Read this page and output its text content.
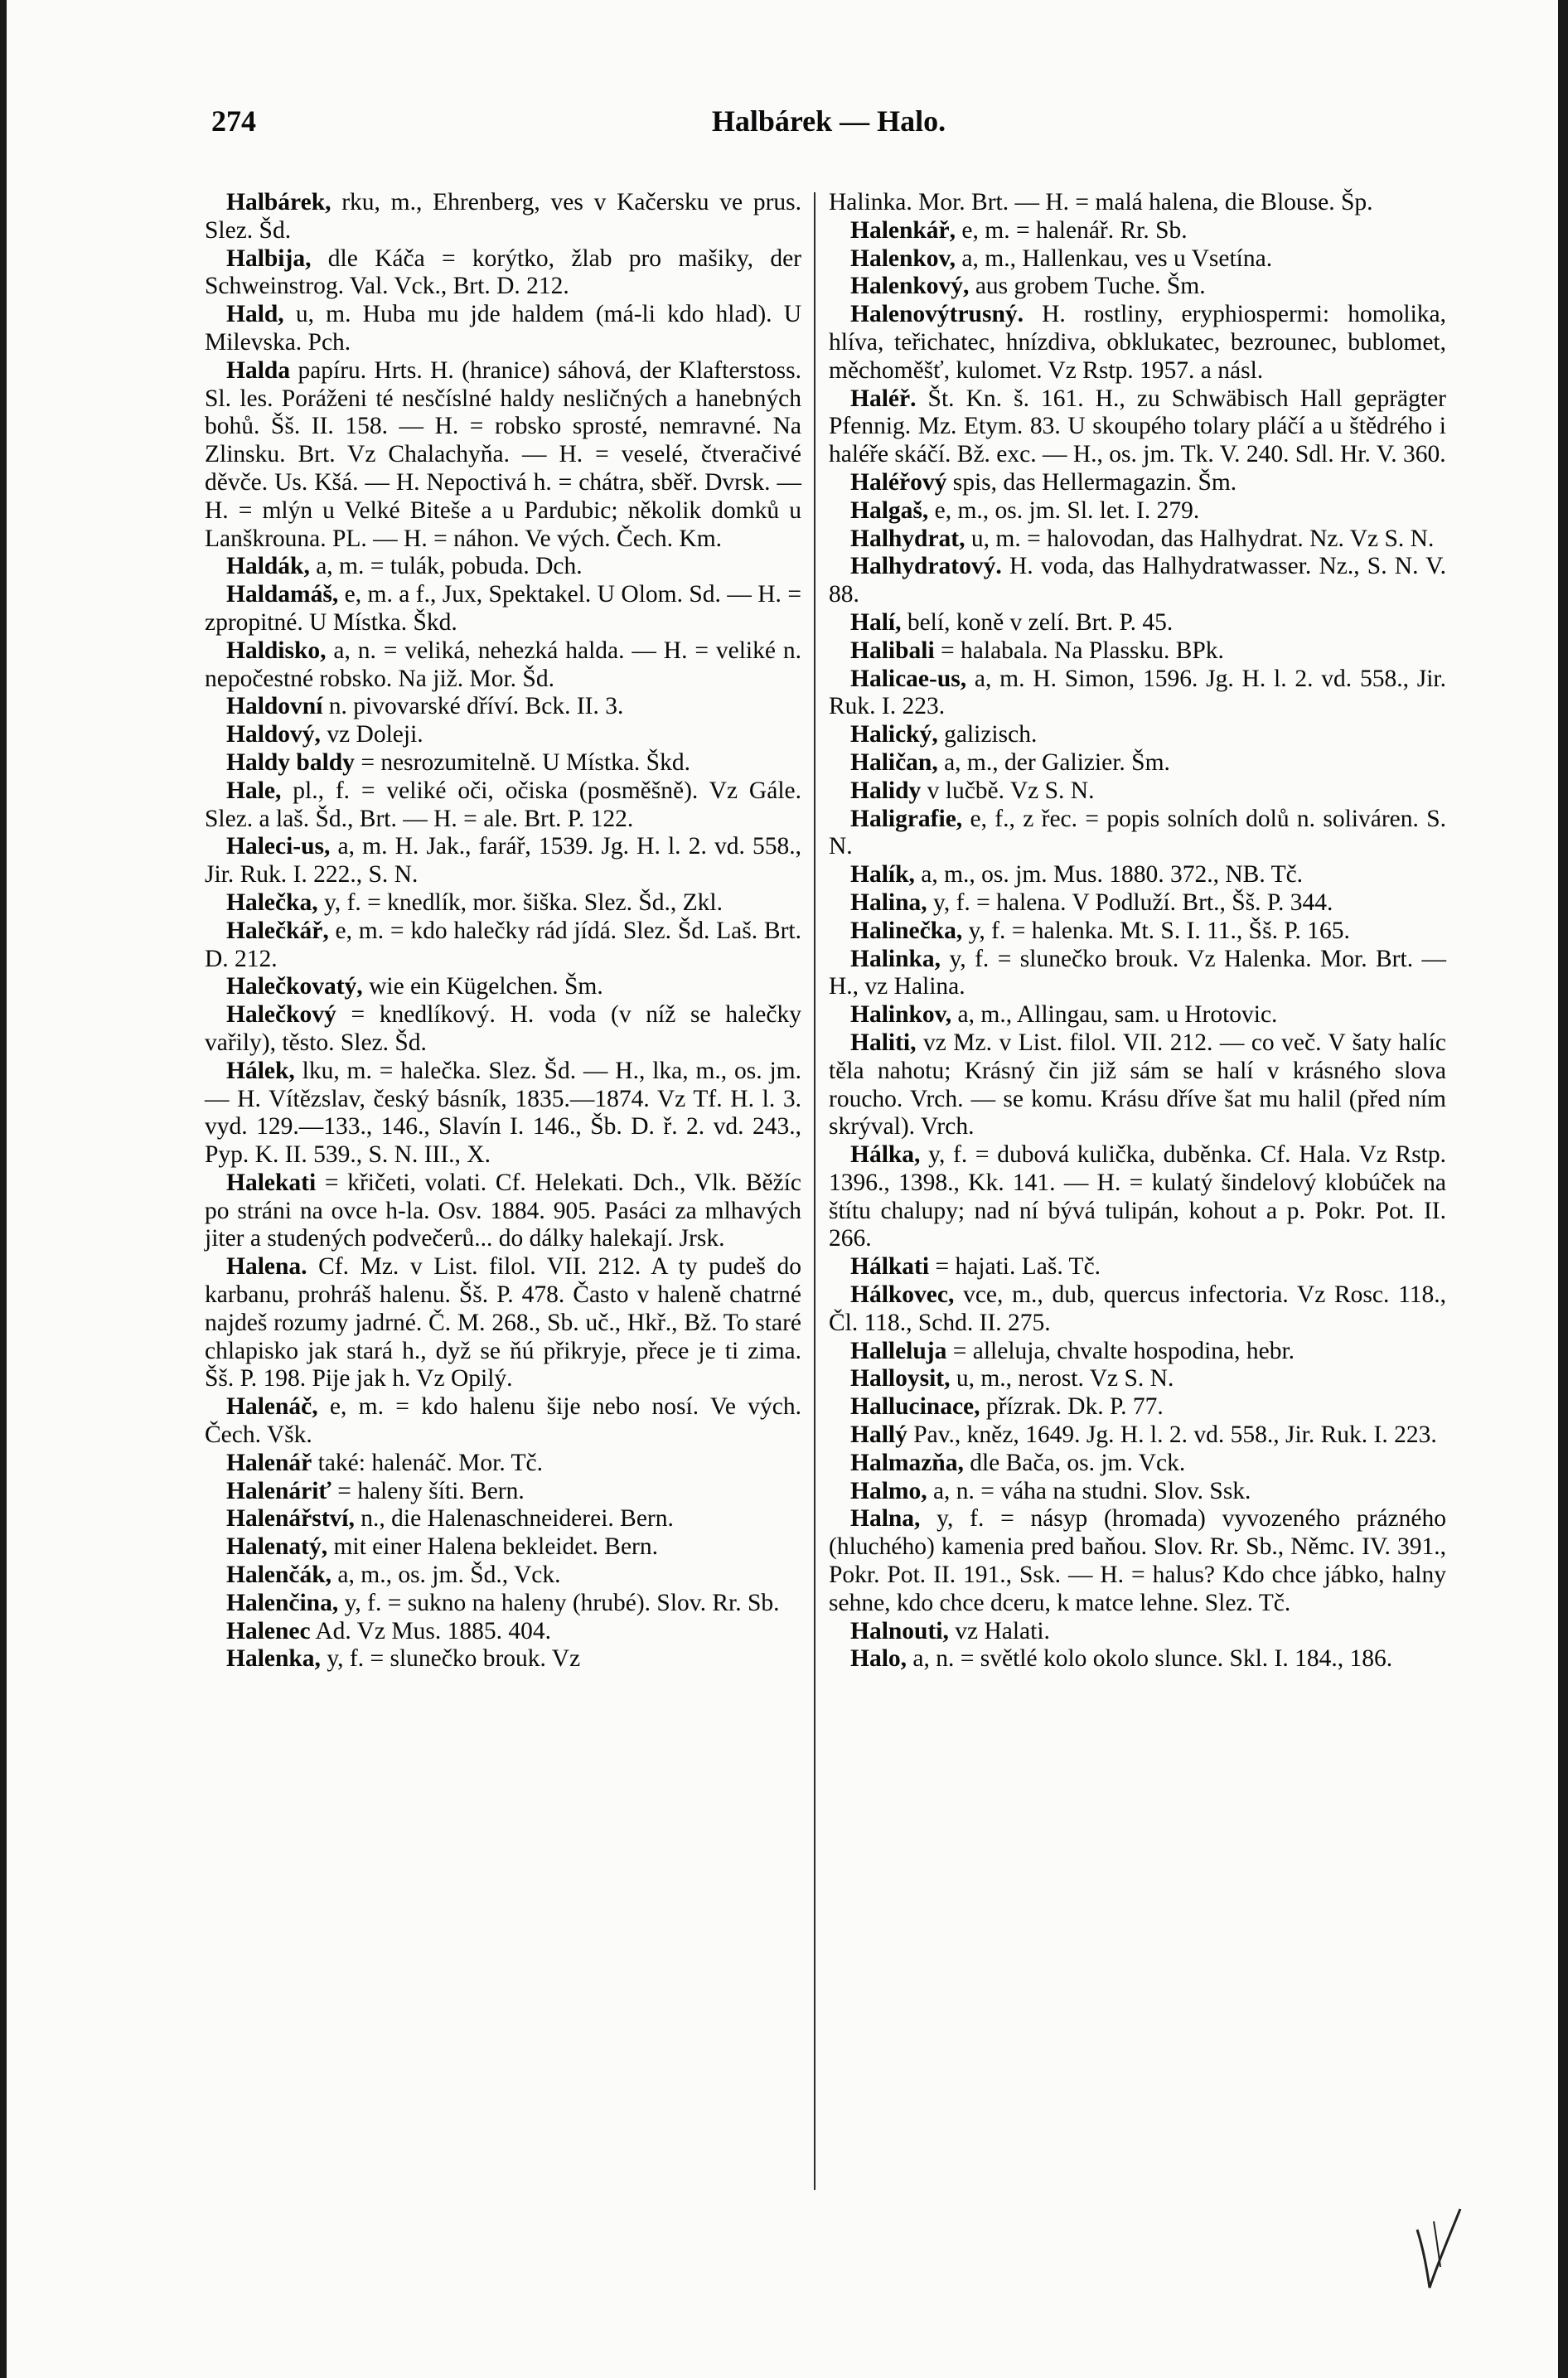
274	Halbárek — Halo.

Halbárek, rku, m., Ehrenberg, ves v Kačersku ve prus. Slez. Šd.

Halbija, dle Káča = korýtko, žlab pro mašiky, der Schweinstrog. Val. Vck., Brt. D. 212.

Hald, u, m. Huba mu jde haldem (má-li kdo hlad). U Milevska. Pch.

Halda papíru. Hrts. H. (hranice) sáhová, der Klafterstoss. Sl. les. Poráženi té nesčíslné haldy nesličných a hanebných bohů. Šš. II. 158. — H. = robsko sprosté, nemravné. Na Zlinsku. Brt. Vz Chalachyňa. — H. = veselé, čtveračivé děvče. Us. Kšá. — H. Nepoctivá h. = chátra, sběř. Dvrsk. — H. = mlýn u Velké Biteše a u Pardubic; několik domků u Lanškrouna. PL. — H. = náhon. Ve vých. Čech. Km.

Haldák, a, m. = tulák, pobuda. Dch.

Haldamáš, e, m. a f., Jux, Spektakel. U Olom. Sd. — H. = zpropitné. U Místka. Škd.

Haldisko, a, n. = veliká, nehezká halda. — H. = veliké n. nepočestné robsko. Na již. Mor. Šd.

Haldovní n. pivovarské dříví. Bck. II. 3.

Haldový, vz Doleji.

Haldy baldy = nesrozumitelně. U Místka. Škd.

Hale, pl., f. = veliké oči, očiska (posměšně). Vz Gále. Slez. a laš. Šd., Brt. — H. = ale. Brt. P. 122.

Haleci-us, a, m. H. Jak., farář, 1539. Jg. H. l. 2. vd. 558., Jir. Ruk. I. 222., S. N.

Halečka, y, f. = knedlík, mor. šiška. Slez. Šd., Zkl.

Halečkář, e, m. = kdo halečky rád jídá. Slez. Šd. Laš. Brt. D. 212.

Halečkovatý, wie ein Kügelchen. Šm.

Halečkový = knedlíkový. H. voda (v níž se halečky vařily), těsto. Slez. Šd.

Hálek, lku, m. = halečka. Slez. Šd. — H., lka, m., os. jm. — H. Vítězslav, český básník, 1835.—1874. Vz Tf. H. l. 3. vyd. 129.—133., 146., Slavín I. 146., Šb. D. ř. 2. vd. 243., Pyp. K. II. 539., S. N. III., X.

Halekati = křičeti, volati. Cf. Helekati. Dch., Vlk. Běžíc po stráni na ovce h-la. Osv. 1884. 905. Pasáci za mlhavých jiter a studených podvečerů... do dálky halekají. Jrsk.

Halena. Cf. Mz. v List. filol. VII. 212. A ty pudeš do karbanu, prohráš halenu. Šš. P. 478. Často v haleně chatrné najdeš rozumy jadrné. Č. M. 268., Sb. uč., Hkř., Bž. To staré chlapisko jak stará h., dyž se ňú přikryje, přece je ti zima. Šš. P. 198. Pije jak h. Vz Opilý.

Halenáč, e, m. = kdo halenu šije nebo nosí. Ve vých. Čech. Všk.

Halenář také: halenáč. Mor. Tč.

Halenáriť = haleny šíti. Bern.

Halenářství, n., die Halenaschneiderei. Bern.

Halenatý, mit einer Halena bekleidet. Bern.

Halenčák, a, m., os. jm. Šd., Vck.

Halenčina, y, f. = sukno na haleny (hrubé). Slov. Rr. Sb.

Halenec Ad. Vz Mus. 1885. 404.

Halenka, y, f. = slunečko brouk. Vz

Halinka. Mor. Brt. — H. = malá halena, die Blouse. Šp.

Halenkář, e, m. = halenář. Rr. Sb.

Halenkov, a, m., Hallenkau, ves u Vsetína.

Halenkový, aus grobem Tuche. Šm.

Halenovýtrusný. H. rostliny, eryphiospermi: homolika, hlíva, teřichatec, hnízdiva, obklukatec, bezrounec, bublomet, měchoměšť, kulomet. Vz Rstp. 1957. a násl.

Haléř. Št. Kn. š. 161. H., zu Schwäbisch Hall geprägter Pfennig. Mz. Etym. 83. U skoupého tolary pláčí a u štědrého i haléře skáčí. Bž. exc. — H., os. jm. Tk. V. 240. Sdl. Hr. V. 360.

Haléřový spis, das Hellermagazin. Šm.

Halgaš, e, m., os. jm. Sl. let. I. 279.

Halhydrat, u, m. = halovodan, das Halhydrat. Nz. Vz S. N.

Halhydratový. H. voda, das Halhydratwasser. Nz., S. N. V. 88.

Halí, belí, koně v zelí. Brt. P. 45.

Halibali = halabala. Na Plassku. BPk.

Halicae-us, a, m. H. Simon, 1596. Jg. H. l. 2. vd. 558., Jir. Ruk. I. 223.

Halický, galizisch.

Haličan, a, m., der Galizier. Šm.

Halidy v lučbě. Vz S. N.

Haligrafie, e, f., z řec. = popis solních dolů n. soliváren. S. N.

Halík, a, m., os. jm. Mus. 1880. 372., NB. Tč.

Halina, y, f. = halena. V Podluží. Brt., Šš. P. 344.

Halinečka, y, f. = halenka. Mt. S. I. 11., Šš. P. 165.

Halinka, y, f. = slunečko brouk. Vz Halenka. Mor. Brt. — H., vz Halina.

Halinkov, a, m., Allingau, sam. u Hrotovic.

Haliti, vz Mz. v List. filol. VII. 212. — co več. V šaty halíc těla nahotu; Krásný čin již sám se halí v krásného slova roucho. Vrch. — se komu. Krásu dříve šat mu halil (před ním skrýval). Vrch.

Hálka, y, f. = dubová kulička, duběnka. Cf. Hala. Vz Rstp. 1396., 1398., Kk. 141. — H. = kulatý šindelový klobúček na štítu chalupy; nad ní bývá tulipán, kohout a p. Pokr. Pot. II. 266.

Hálkati = hajati. Laš. Tč.

Hálkovec, vce, m., dub, quercus infectoria. Vz Rosc. 118., Čl. 118., Schd. II. 275.

Halleluja = alleluja, chvalte hospodina, hebr.

Halloysit, u, m., nerost. Vz S. N.

Hallucinace, přízrak. Dk. P. 77.

Hallý Pav., kněz, 1649. Jg. H. l. 2. vd. 558., Jir. Ruk. I. 223.

Halmazňa, dle Bača, os. jm. Vck.

Halmo, a, n. = váha na studni. Slov. Ssk.

Halna, y, f. = násyp (hromada) vyvozeného prázného (hluchého) kamenia pred baňou. Slov. Rr. Sb., Němc. IV. 391., Pokr. Pot. II. 191., Ssk. — H. = halus? Kdo chce jábko, halny sehne, kdo chce dceru, k matce lehne. Slez. Tč.

Halnouti, vz Halati.

Halo, a, n. = světlé kolo okolo slunce. Skl. I. 184., 186.
